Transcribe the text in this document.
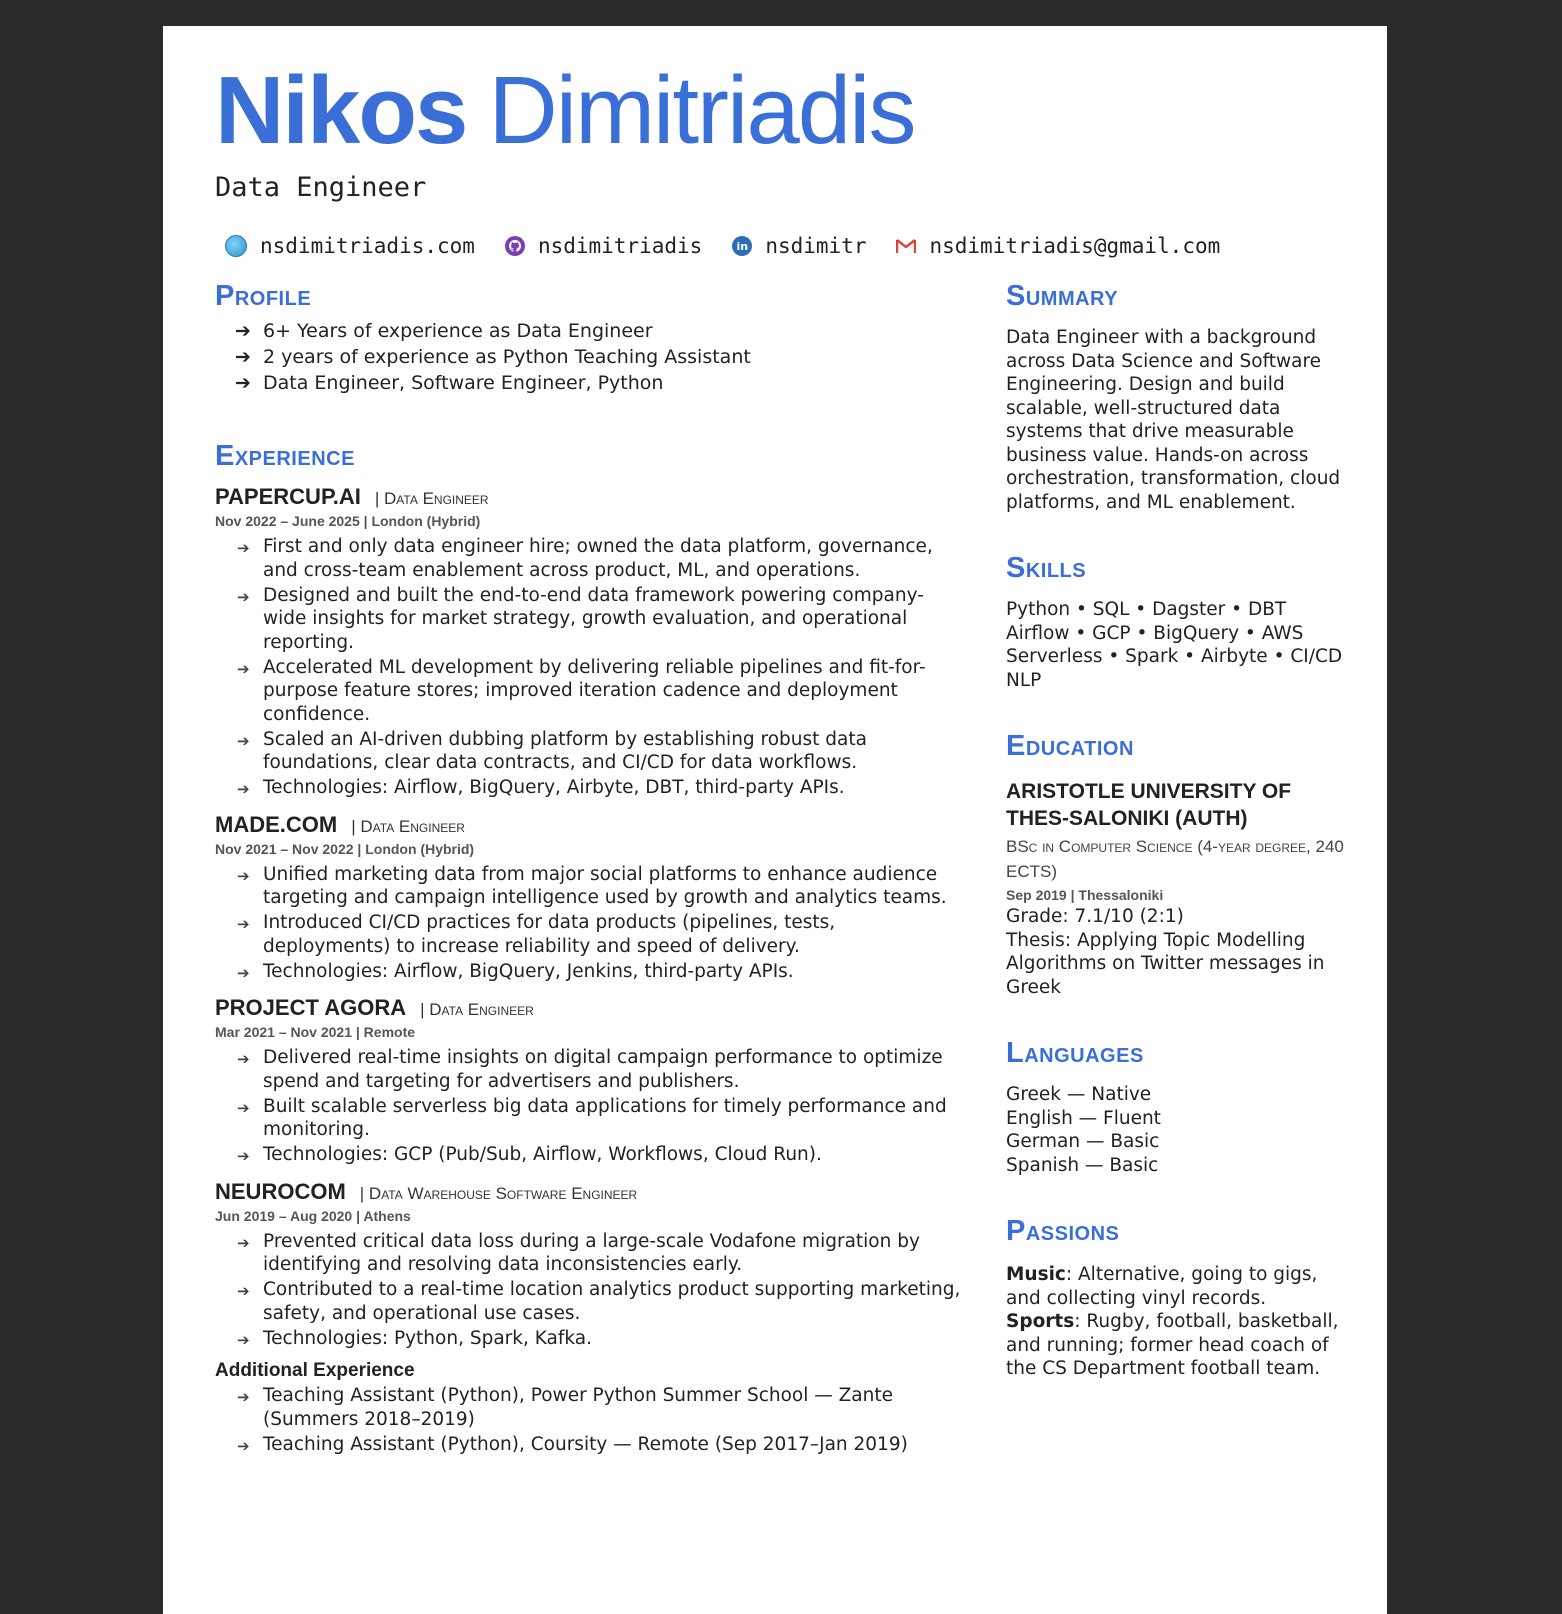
Nikos Dimitriadis
Data Engineer
nsdimitriadis.com	nsdimitriadis	in nsdimitr	nsdimitriadis@gmail.com
Profile
➔ 6+ Years of experience as Data Engineer
➔ 2 years of experience as Python Teaching Assistant
➔ Data Engineer, Software Engineer, Python
Experience
PAPERCUP.AI | Data Engineer
Nov 2022 – June 2025 | London (Hybrid)
➔ First and only data engineer hire; owned the data platform, governance, and cross-team enablement across product, ML, and operations.
➔ Designed and built the end-to-end data framework powering company-wide insights for market strategy, growth evaluation, and operational reporting.
➔ Accelerated ML development by delivering reliable pipelines and fit-for-purpose feature stores; improved iteration cadence and deployment confidence.
➔ Scaled an AI-driven dubbing platform by establishing robust data foundations, clear data contracts, and CI/CD for data workflows.
➔ Technologies: Airflow, BigQuery, Airbyte, DBT, third-party APIs.
MADE.COM | Data Engineer
Nov 2021 – Nov 2022 | London (Hybrid)
➔ Unified marketing data from major social platforms to enhance audience targeting and campaign intelligence used by growth and analytics teams.
➔ Introduced CI/CD practices for data products (pipelines, tests, deployments) to increase reliability and speed of delivery.
➔ Technologies: Airflow, BigQuery, Jenkins, third-party APIs.
PROJECT AGORA | Data Engineer
Mar 2021 – Nov 2021 | Remote
➔ Delivered real-time insights on digital campaign performance to optimize spend and targeting for advertisers and publishers.
➔ Built scalable serverless big data applications for timely performance and monitoring.
➔ Technologies: GCP (Pub/Sub, Airflow, Workflows, Cloud Run).
NEUROCOM | Data Warehouse Software Engineer
Jun 2019 – Aug 2020 | Athens
➔ Prevented critical data loss during a large-scale Vodafone migration by identifying and resolving data inconsistencies early.
➔ Contributed to a real-time location analytics product supporting marketing, safety, and operational use cases.
➔ Technologies: Python, Spark, Kafka.
Additional Experience
➔ Teaching Assistant (Python), Power Python Summer School — Zante (Summers 2018–2019)
➔ Teaching Assistant (Python), Coursity — Remote (Sep 2017–Jan 2019)
Summary
Data Engineer with a background across Data Science and Software Engineering. Design and build scalable, well-structured data systems that drive measurable business value. Hands-on across orchestration, transformation, cloud platforms, and ML enablement.
Skills
Python • SQL • Dagster • DBT
Airflow • GCP • BigQuery • AWS
Serverless • Spark • Airbyte • CI/CD
NLP
Education
ARISTOTLE UNIVERSITY OF THES-SALONIKI (AUTH)
BSc in Computer Science (4-year degree, 240 ECTS)
Sep 2019 | Thessaloniki
Grade: 7.1/10 (2:1)
Thesis: Applying Topic Modelling Algorithms on Twitter messages in Greek
Languages
Greek — Native
English — Fluent
German — Basic
Spanish — Basic
Passions
Music: Alternative, going to gigs, and collecting vinyl records.
Sports: Rugby, football, basketball, and running; former head coach of the CS Department football team.
